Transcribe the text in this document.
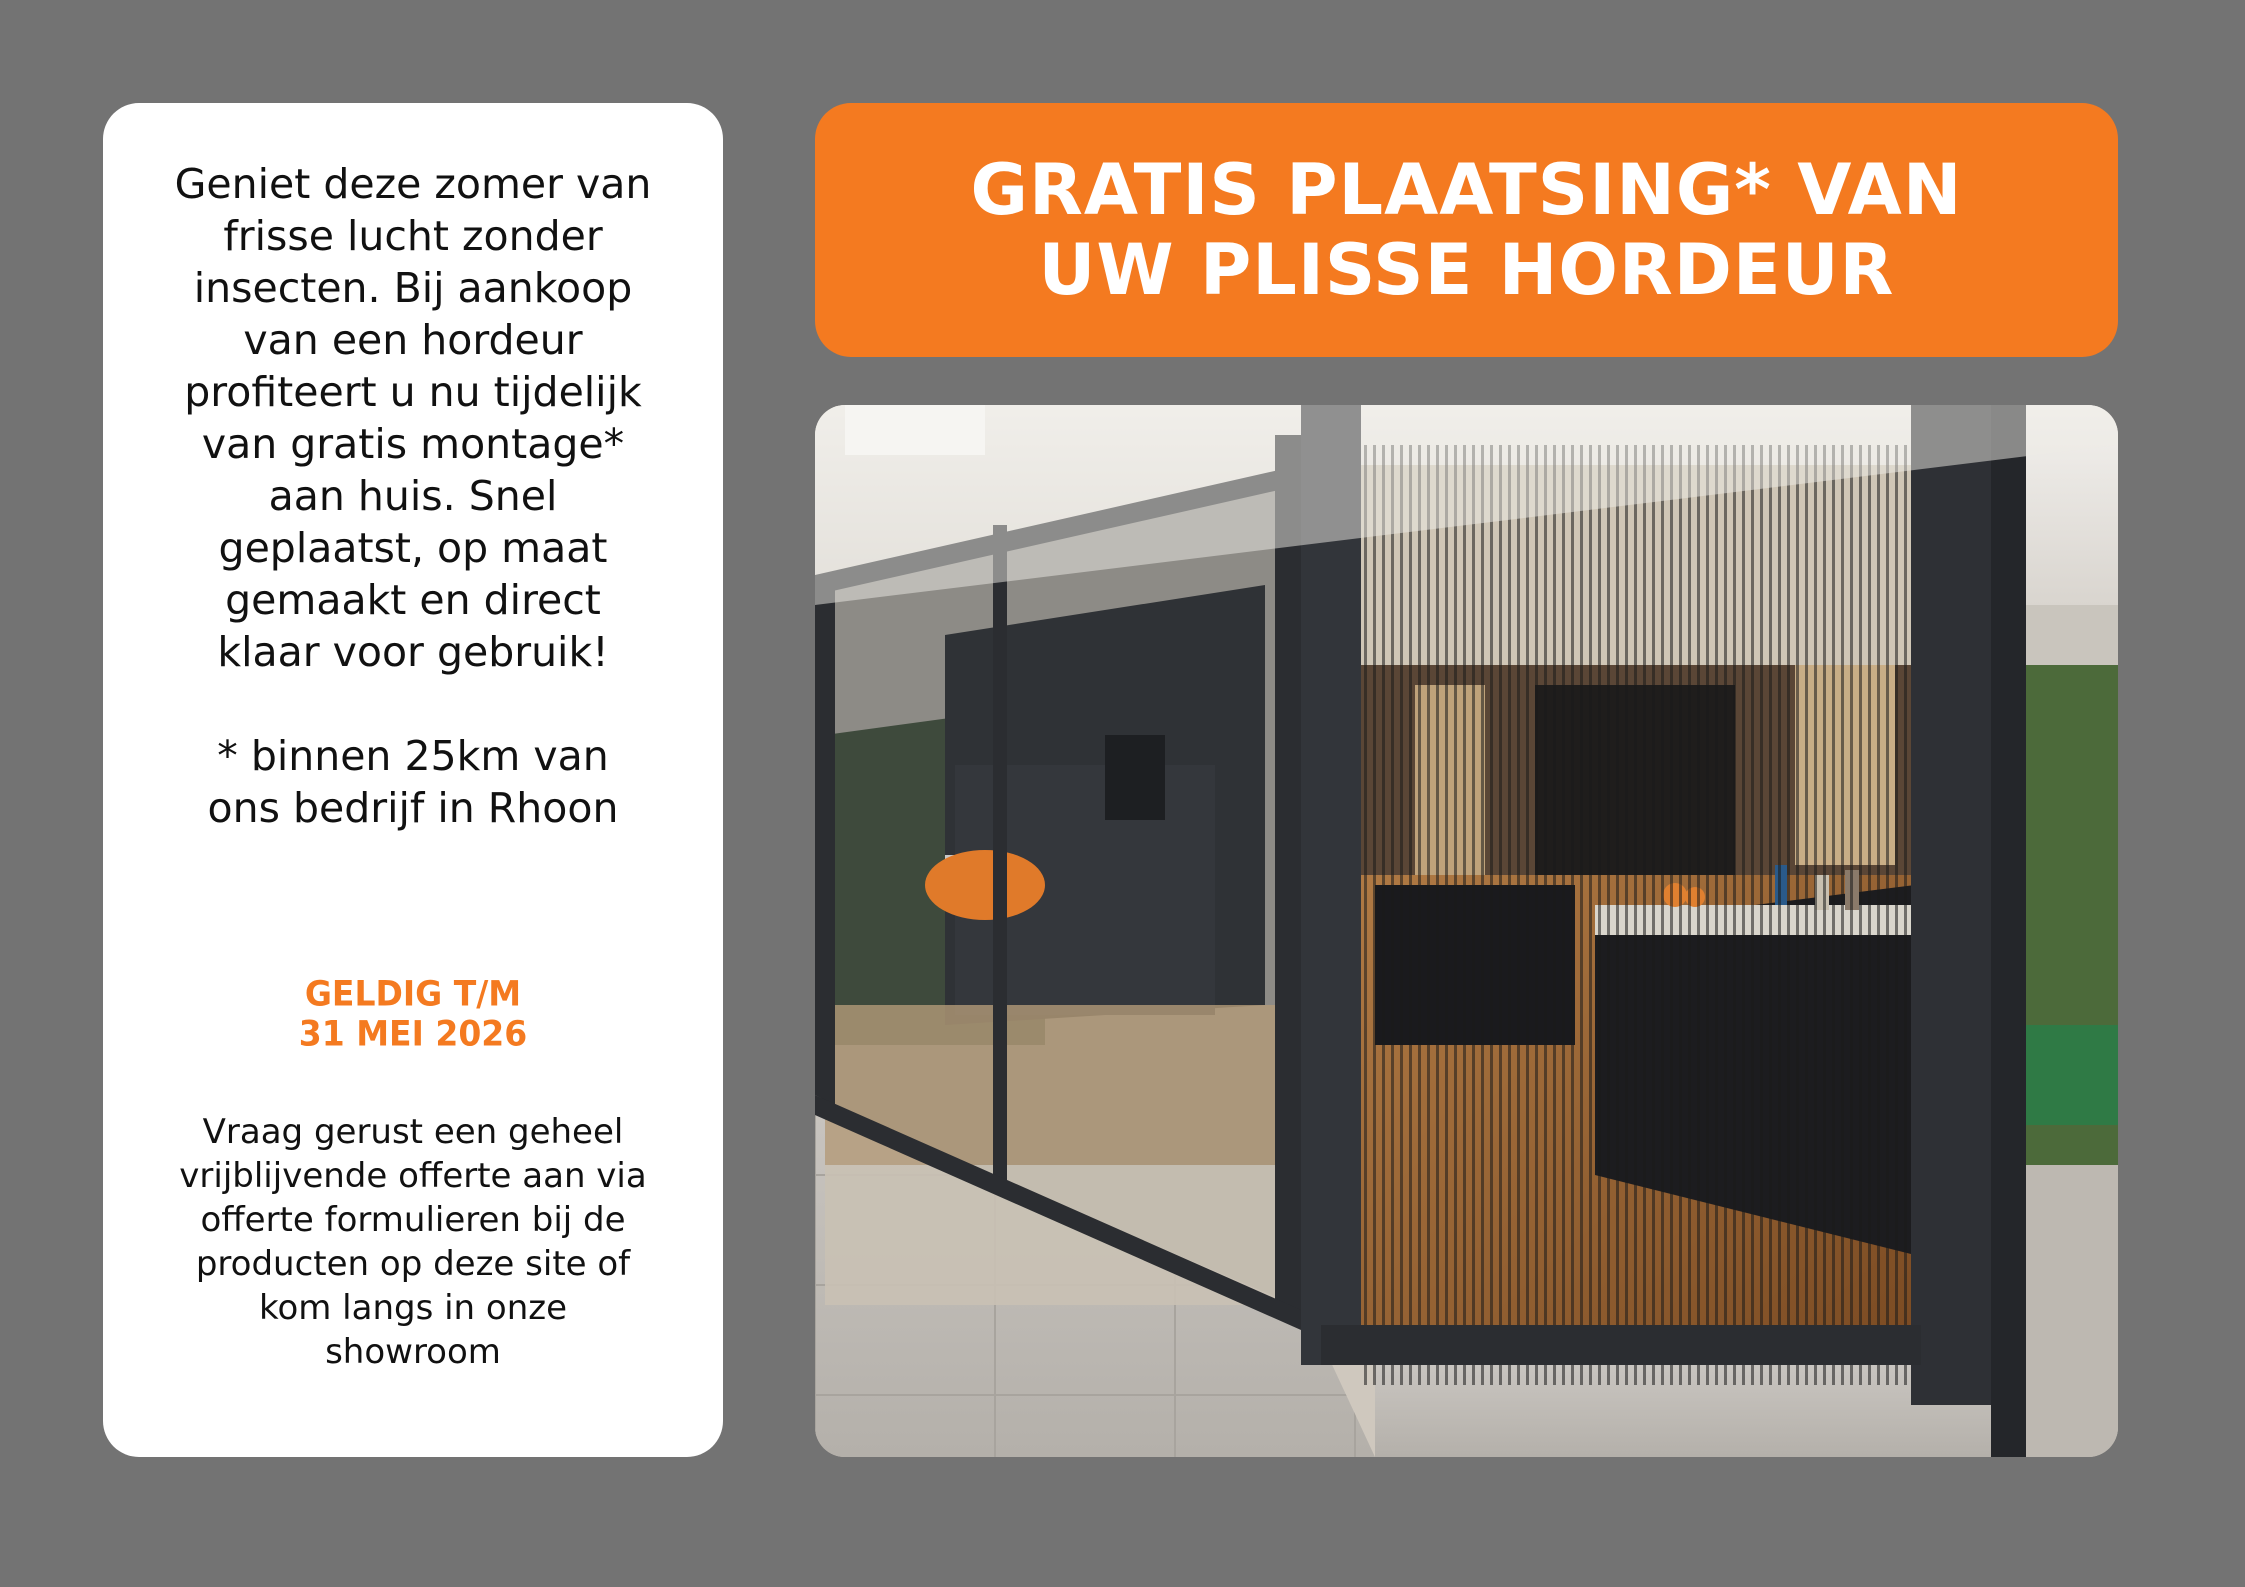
Geniet deze zomer van
frisse lucht zonder
insecten. Bij aankoop
van een hordeur
profiteert u nu tijdelijk
van gratis montage*
aan huis. Snel
geplaatst, op maat
gemaakt en direct
klaar voor gebruik!

* binnen 25km van
ons bedrijf in Rhoon

GELDIG T/M
31 MEI 2026

Vraag gerust een geheel
vrijblijvende offerte aan via
offerte formulieren bij de
producten op deze site of
kom langs in onze
showroom

GRATIS PLAATSING* VAN
UW PLISSE HORDEUR
